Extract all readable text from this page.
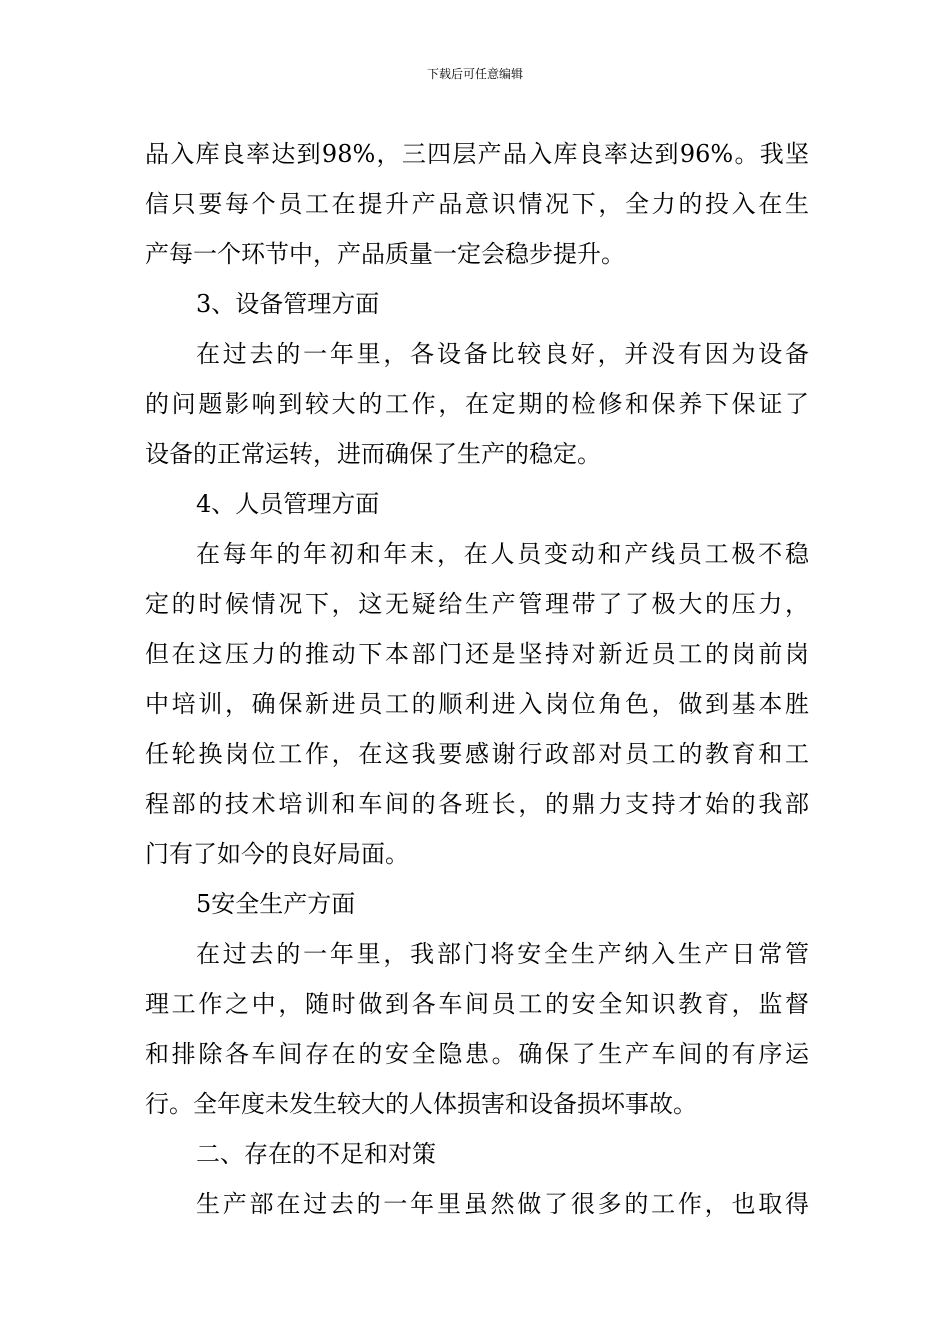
下载后可任意编辑
品入库良率达到98%，三四层产品入库良率达到96%。我坚
信只要每个员工在提升产品意识情况下，全力的投入在生
产每一个环节中，产品质量一定会稳步提升。
3、设备管理方面
在过去的一年里，各设备比较良好，并没有因为设备
的问题影响到较大的工作，在定期的检修和保养下保证了
设备的正常运转，进而确保了生产的稳定。
4、人员管理方面
在每年的年初和年末，在人员变动和产线员工极不稳
定的时候情况下，这无疑给生产管理带了了极大的压力，
但在这压力的推动下本部门还是坚持对新近员工的岗前岗
中培训，确保新进员工的顺利进入岗位角色，做到基本胜
任轮换岗位工作，在这我要感谢行政部对员工的教育和工
程部的技术培训和车间的各班长，的鼎力支持才始的我部
门有了如今的良好局面。
5安全生产方面
在过去的一年里，我部门将安全生产纳入生产日常管
理工作之中，随时做到各车间员工的安全知识教育，监督
和排除各车间存在的安全隐患。确保了生产车间的有序运
行。全年度未发生较大的人体损害和设备损坏事故。
二、存在的不足和对策
生产部在过去的一年里虽然做了很多的工作，也取得
